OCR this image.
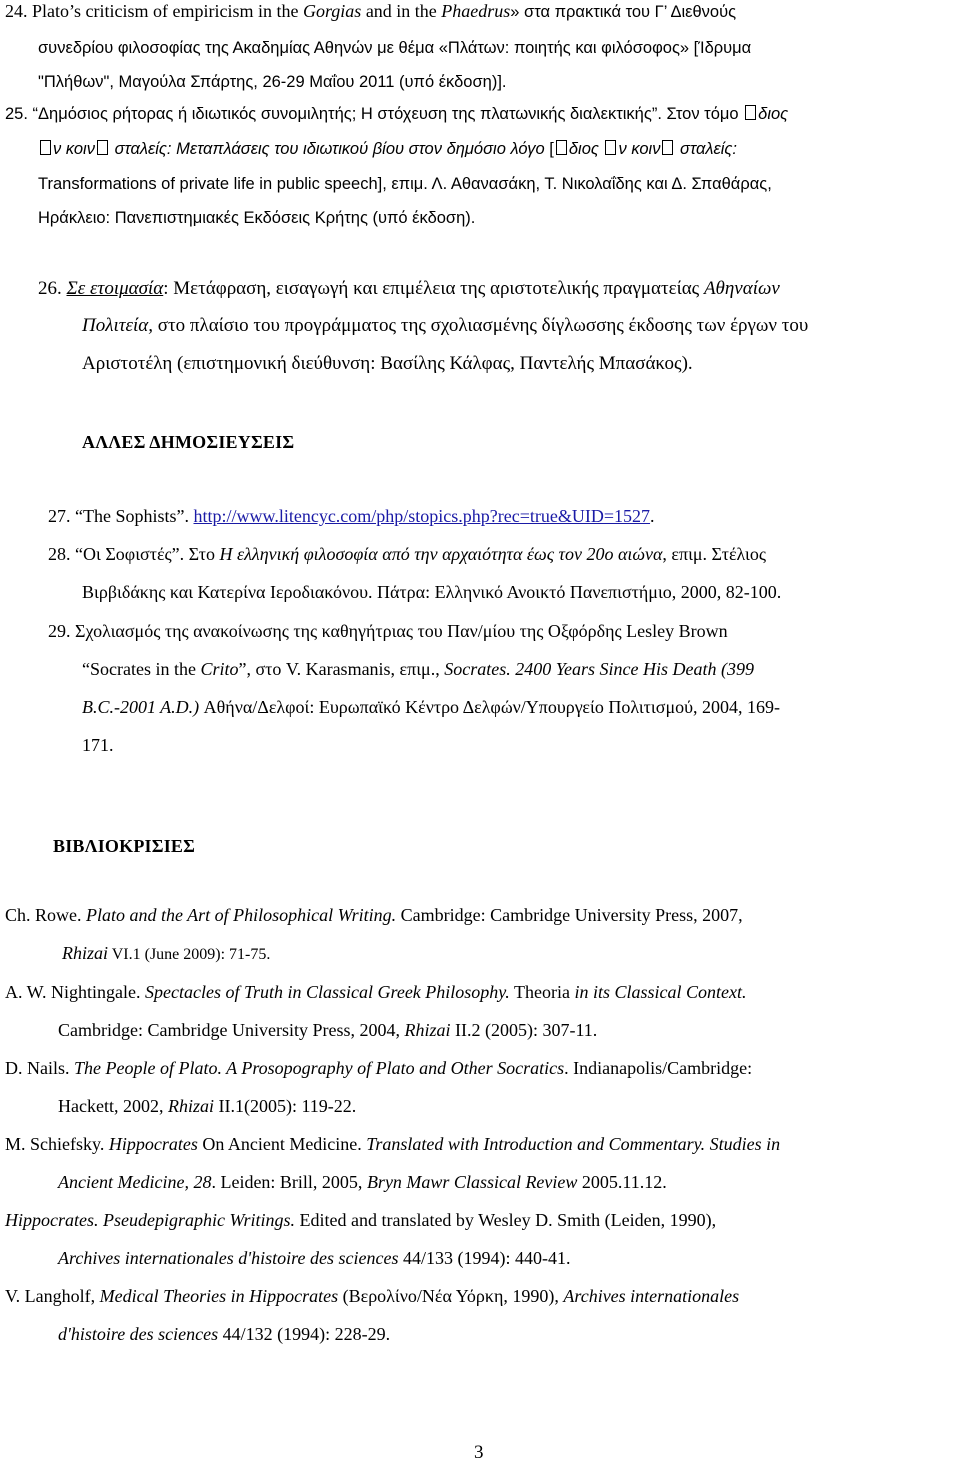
24. Plato’s criticism of empiricism in the Gorgias and in the Phaedrus» στα πρακτικά του Γ’ Διεθνούς

συνεδρίου φιλοσοφίας της Ακαδημίας Αθηνών με θέμα «Πλάτων: ποιητής και φιλόσοφος» [Ίδρυμα

"Πλήθων", Μαγούλα Σπάρτης, 26-29 Μαΐου 2011 (υπό έκδοση)].

25. “Δημόσιος ρήτορας ή ιδιωτικός συνομιλητής; Η στόχευση της πλατωνικής διαλεκτικής”. Στον τόμο διος

ν κοιν σταλείς: Μεταπλάσεις του ιδιωτικού βίου στον δημόσιο λόγο [ διος ν κοιν σταλείς:

Transformations of private life in public speech], επιμ. Λ. Αθανασάκη, Τ. Νικολαΐδης και Δ. Σπαθάρας,

Ηράκλειο: Πανεπιστημιακές Εκδόσεις Κρήτης (υπό έκδοση).

26. Σε ετοιμασία: Μετάφραση, εισαγωγή και επιμέλεια της αριστοτελικής πραγματείας Αθηναίων

Πολιτεία, στο πλαίσιο του προγράμματος της σχολιασμένης δίγλωσσης έκδοσης των έργων του

Αριστοτέλη (επιστημονική διεύθυνση: Βασίλης Κάλφας, Παντελής Μπασάκος).

ΑΛΛΕΣ ΔΗΜΟΣΙΕΥΣΕΙΣ

27. “The Sophists”. http://www.litencyc.com/php/stopics.php?rec=true&UID=1527.

28. “Οι Σοφιστές”. Στο Η ελληνική φιλοσοφία από την αρχαιότητα έως τον 20ο αιώνα, επιμ. Στέλιος

Βιρβιδάκης και Κατερίνα Ιεροδιακόνου. Πάτρα: Ελληνικό Ανοικτό Πανεπιστήμιο, 2000, 82-100.

29. Σχολιασμός της ανακοίνωσης της καθηγήτριας του Παν/μίου της Οξφόρδης Lesley Brown

“Socrates in the Crito”, στο V. Karasmanis, επιμ., Socrates. 2400 Years Since His Death (399

B.C.-2001 A.D.) Αθήνα/Δελφοί: Ευρωπαϊκό Κέντρο Δελφών/Υπουργείο Πολιτισμού, 2004, 169-

171.

ΒΙΒΛΙΟΚΡΙΣΙΕΣ

Ch. Rowe. Plato and the Art of Philosophical Writing. Cambridge: Cambridge University Press, 2007,

Rhizai VI.1 (June 2009): 71-75.

A. W. Nightingale. Spectacles of Truth in Classical Greek Philosophy. Theoria in its Classical Context.

Cambridge: Cambridge University Press, 2004, Rhizai II.2 (2005): 307-11.

D. Nails. The People of Plato. A Prosopography of Plato and Other Socratics. Indianapolis/Cambridge:

Hackett, 2002, Rhizai II.1(2005): 119-22.

M. Schiefsky. Hippocrates On Ancient Medicine. Translated with Introduction and Commentary. Studies in

Ancient Medicine, 28. Leiden: Brill, 2005, Bryn Mawr Classical Review 2005.11.12.

Hippocrates. Pseudepigraphic Writings. Edited and translated by Wesley D. Smith (Leiden, 1990),

Archives internationales d'histoire des sciences 44/133 (1994): 440-41.

V. Langholf, Medical Theories in Hippocrates (Βερολίνο/Νέα Υόρκη, 1990), Archives internationales

d'histoire des sciences 44/132 (1994): 228-29.

3
